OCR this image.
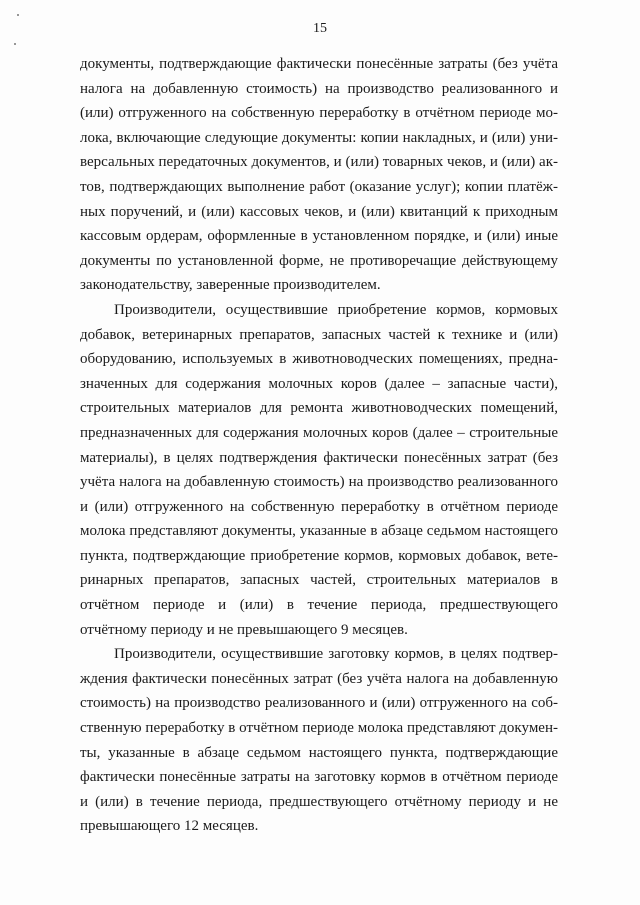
15

документы, подтверждающие фактически понесённые затраты (без учёта налога на добавленную стоимость) на производство реализованного и (или) отгруженного на собственную переработку в отчётном периоде молока, включающие следующие документы: копии накладных, и (или) универсальных передаточных документов, и (или) товарных чеков, и (или) актов, подтверждающих выполнение работ (оказание услуг); копии платёжных поручений, и (или) кассовых чеков, и (или) квитанций к приходным кассовым ордерам, оформленные в установленном порядке, и (или) иные документы по установленной форме, не противоречащие действующему законодательству, заверенные производителем.

Производители, осуществившие приобретение кормов, кормовых добавок, ветеринарных препаратов, запасных частей к технике и (или) оборудованию, используемых в животноводческих помещениях, предназначенных для содержания молочных коров (далее – запасные части), строительных материалов для ремонта животноводческих помещений, предназначенных для содержания молочных коров (далее – строительные материалы), в целях подтверждения фактически понесённых затрат (без учёта налога на добавленную стоимость) на производство реализованного и (или) отгруженного на собственную переработку в отчётном периоде молока представляют документы, указанные в абзаце седьмом настоящего пункта, подтверждающие приобретение кормов, кормовых добавок, ветеринарных препаратов, запасных частей, строительных материалов в отчётном периоде и (или) в течение периода, предшествующего отчётному периоду и не превышающего 9 месяцев.

Производители, осуществившие заготовку кормов, в целях подтверждения фактически понесённых затрат (без учёта налога на добавленную стоимость) на производство реализованного и (или) отгруженного на собственную переработку в отчётном периоде молока представляют документы, указанные в абзаце седьмом настоящего пункта, подтверждающие фактически понесённые затраты на заготовку кормов в отчётном периоде и (или) в течение периода, предшествующего отчётному периоду и не превышающего 12 месяцев.
